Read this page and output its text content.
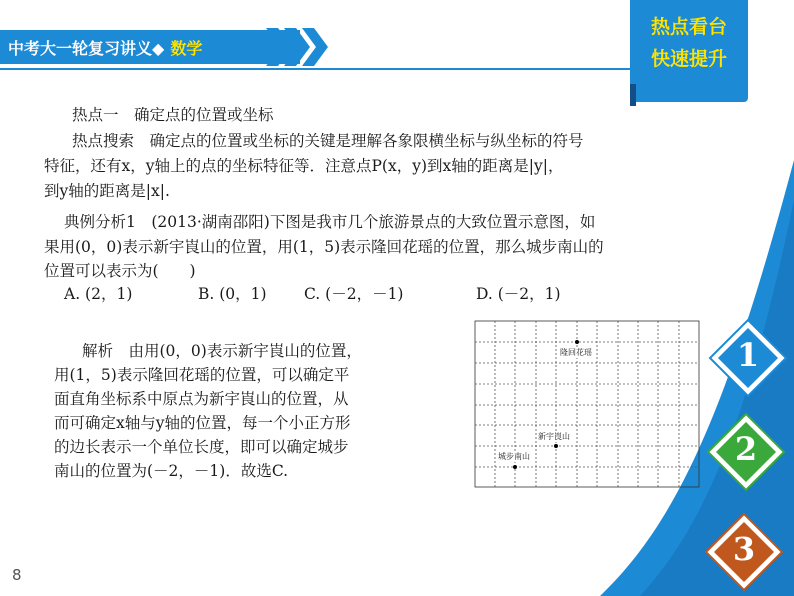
中考大一轮复习讲义◆ 数学
热点看台
快速提升
1
2
3
热点一　确定点的位置或坐标
热点搜索　确定点的位置或坐标的关键是理解各象限横坐标与纵坐标的符号
特征，还有x，y轴上的点的坐标特征等．注意点P(x，y)到x轴的距离是|y|，
到y轴的距离是|x|.
典例分析1　(2013·湖南邵阳)下图是我市几个旅游景点的大致位置示意图，如
果用(0，0)表示新宇崀山的位置，用(1，5)表示隆回花瑶的位置，那么城步南山的
位置可以表示为(　　)
A. (2，1)	B. (0，1) C. (－2，－1)	D. (－2，1)
解析　由用(0，0)表示新宇崀山的位置，
用(1，5)表示隆回花瑶的位置，可以确定平
面直角坐标系中原点为新宇崀山的位置，从
而可确定x轴与y轴的位置，每一个小正方形
的边长表示一个单位长度，即可以确定城步
南山的位置为(－2，－1)．故选C.
隆回花瑶
新宇崀山
城步南山
8
